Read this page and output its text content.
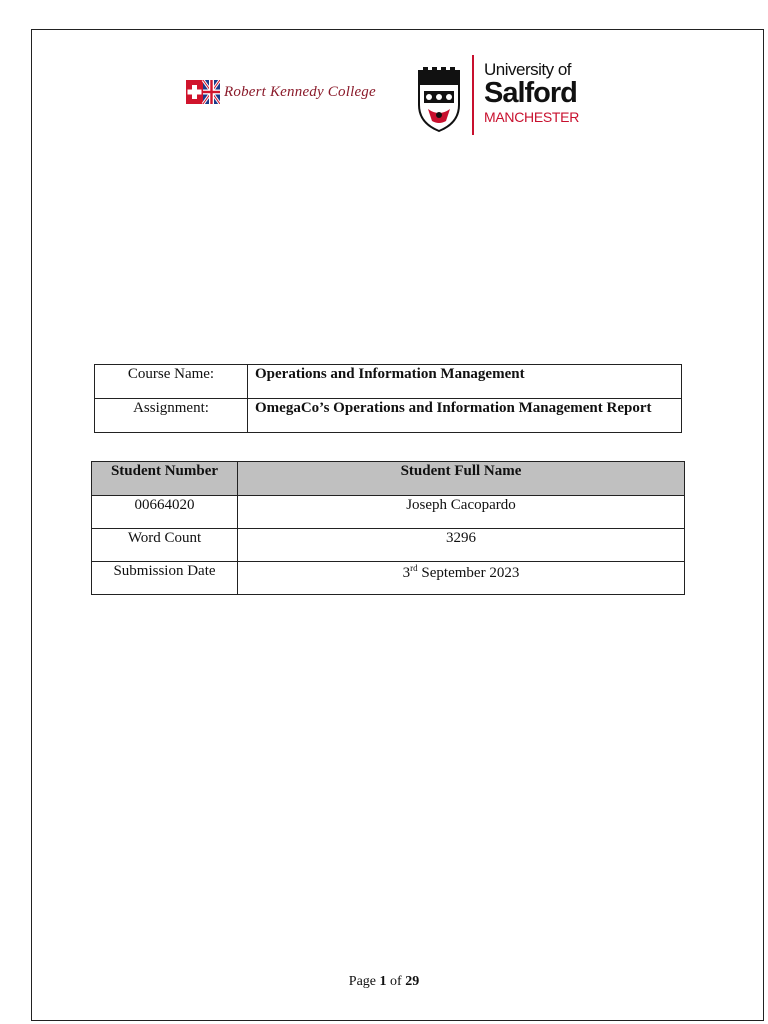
Robert Kennedy College
University of
Salford
MANCHESTER
Course Name:	Operations and Information Management
Assignment:	OmegaCo’s Operations and Information Management Report
Student Number	Student Full Name
00664020	Joseph Cacopardo
Word Count	3296
Submission Date	3rd September 2023
Page 1 of 29
